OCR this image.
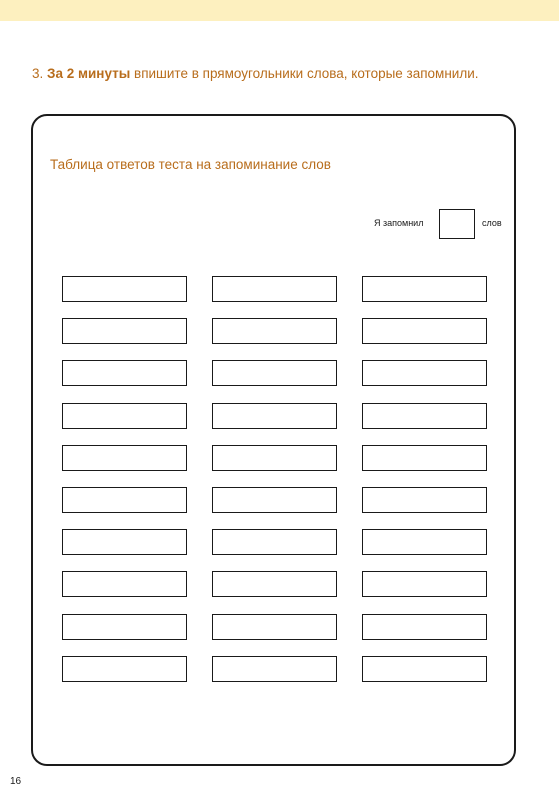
3. За 2 минуты впишите в прямоугольники слова, которые запомнили.
Таблица ответов теста на запоминание слов
Я запомнил	слов
16
